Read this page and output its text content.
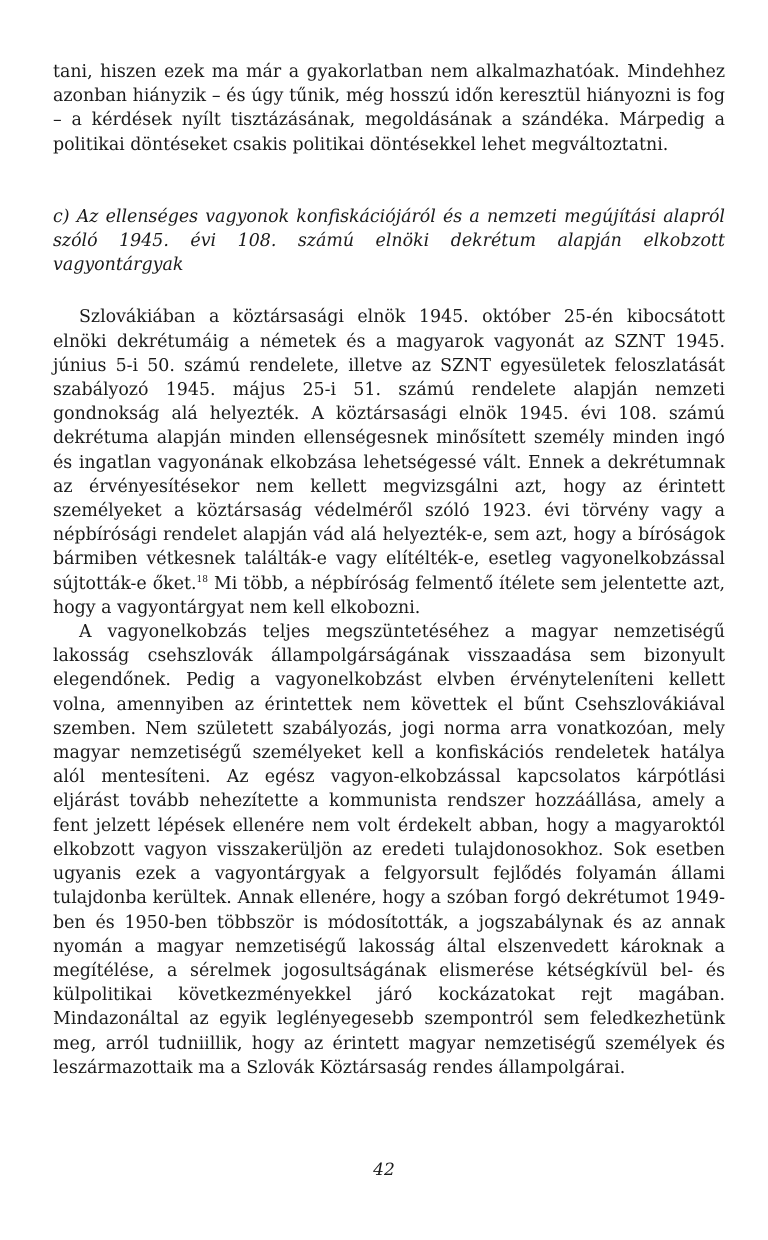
tani, hiszen ezek ma már a gyakorlatban nem alkalmazhatóak. Mindehhez azonban hiányzik – és úgy tűnik, még hosszú időn keresztül hiányozni is fog – a kérdések nyílt tisztázásának, megoldásának a szándéka. Márpedig a politikai döntéseket csakis politikai döntésekkel lehet megváltoztatni.

c) Az ellenséges vagyonok konfiskációjáról és a nemzeti megújítási alapról szóló 1945. évi 108. számú elnöki dekrétum alapján elkobzott vagyontárgyak

Szlovákiában a köztársasági elnök 1945. október 25-én kibocsátott elnöki dekrétumáig a németek és a magyarok vagyonát az SZNT 1945. június 5-i 50. számú rendelete, illetve az SZNT egyesületek feloszlatását szabályozó 1945. május 25-i 51. számú rendelete alapján nemzeti gondnokság alá helyezték. A köztársasági elnök 1945. évi 108. számú dekrétuma alapján minden ellenségesnek minősített személy minden ingó és ingatlan vagyonának elkobzása lehetségessé vált. Ennek a dekrétumnak az érvényesítésekor nem kellett megvizsgálni azt, hogy az érintett személyeket a köztársaság védelméről szóló 1923. évi törvény vagy a népbírósági rendelet alapján vád alá helyezték-e, sem azt, hogy a bíróságok bármiben vétkesnek találták-e vagy elítélték-e, esetleg vagyonelkobzással sújtották-e őket.$^{18}$ Mi több, a népbíróság felmentő ítélete sem jelentette azt, hogy a vagyontárgyat nem kell elkobozni.

A vagyonelkobzás teljes megszüntetéséhez a magyar nemzetiségű lakosság csehszlovák állampolgárságának visszaadása sem bizonyult elegendőnek. Pedig a vagyonelkobzást elvben érvényteleníteni kellett volna, amennyiben az érintettek nem követtek el bűnt Csehszlovákiával szemben. Nem született szabályozás, jogi norma arra vonatkozóan, mely magyar nemzetiségű személyeket kell a konfiskációs rendeletek hatálya alól mentesíteni. Az egész vagyon-elkobzással kapcsolatos kárpótlási eljárást tovább nehezítette a kommunista rendszer hozzáállása, amely a fent jelzett lépések ellenére nem volt érdekelt abban, hogy a magyaroktól elkobzott vagyon visszakerüljön az eredeti tulajdonosokhoz. Sok esetben ugyanis ezek a vagyontárgyak a felgyorsult fejlődés folyamán állami tulajdonba kerültek. Annak ellenére, hogy a szóban forgó dekrétumot 1949-ben és 1950-ben többször is módosították, a jogszabálynak és az annak nyomán a magyar nemzetiségű lakosság által elszenvedett károknak a megítélése, a sérelmek jogosultságának elismerése kétségkívül bel- és külpolitikai következményekkel járó kockázatokat rejt magában. Mindazonáltal az egyik leglényegesebb szempontról sem feledkezhetünk meg, arról tudniillik, hogy az érintett magyar nemzetiségű személyek és leszármazottaik ma a Szlovák Köztársaság rendes állampolgárai.

42
